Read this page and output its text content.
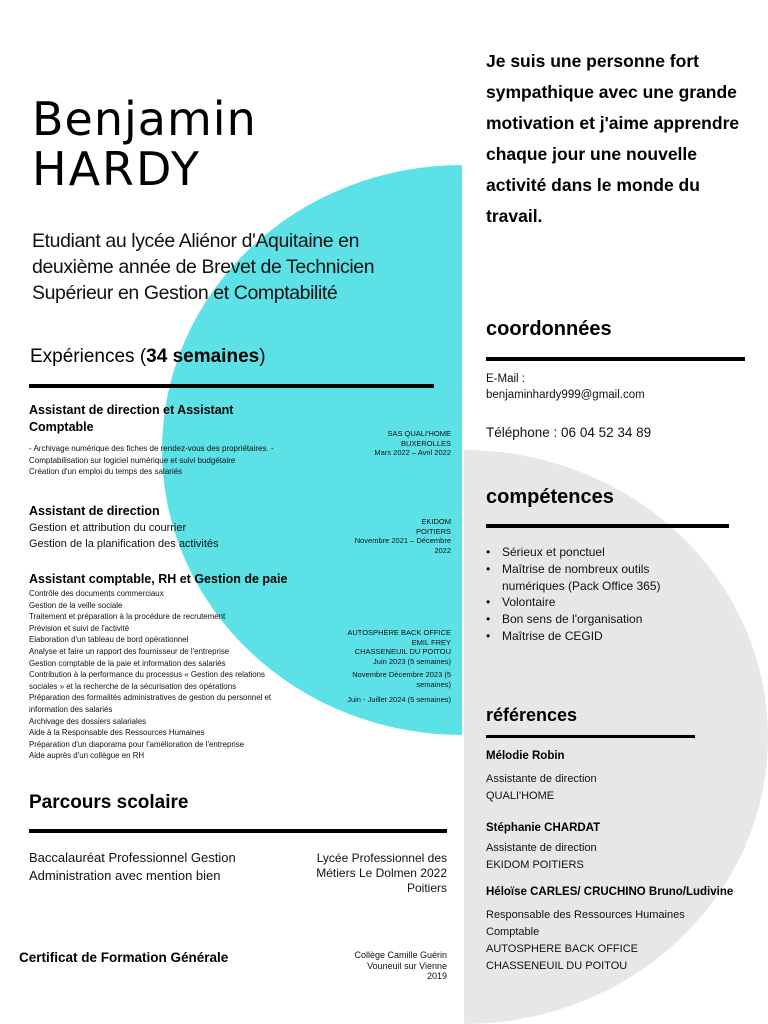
Benjamin
HARDY
Etudiant au lycée Aliénor d'Aquitaine en deuxième année de Brevet de Technicien Supérieur en Gestion et Comptabilité
Je suis une personne fort sympathique avec une grande motivation et j'aime apprendre chaque jour une nouvelle activité dans le monde du travail.
Expériences (34 semaines)
Assistant de direction et Assistant Comptable
- Archivage numérique des fiches de rendez-vous des propriétaires. -
Comptabilisation sur logiciel numérique et suivi budgétaire
Création d'un emploi du temps des salariés
SAS QUALI'HOME
BUXEROLLES
Mars 2022 – Avril 2022
Assistant de direction
Gestion et attribution du courrier
Gestion de la planification des activités
EKIDOM
POITIERS
Novembre 2021 – Décembre
2022
Assistant comptable, RH et Gestion de paie
Contrôle des documents commerciaux
Gestion de la veille sociale
Traitement et préparation à la procédure de recrutement
Prévision et suivi de l'activité
Elaboration d'un tableau de bord opérationnel
Analyse et faire un rapport des fournisseur de l'entreprise
Gestion comptable de la paie et information des salariés
Contribution à la performance du processus « Gestion des relations
sociales » et la recherche de la sécurisation des opérations
Préparation des formalités administratives de gestion du personnel et
information des salariés
Archivage des dossiers salariales
Aide à la Responsable des Ressources Humaines
Préparation d'un diaporama pour l'amélioration de l'entreprise
Aide auprès d'un collègue en RH
AUTOSPHERE BACK OFFICE
EMIL FREY
CHASSENEUIL DU POITOU
Juin 2023 (5 semaines)
Novembre Décembre 2023 (5
semaines)
Juin - Juillet 2024 (5 semaines)
Parcours scolaire
Baccalauréat Professionnel Gestion
Administration avec mention bien
Lycée Professionnel des
Métiers Le Dolmen 2022
Poitiers
Certificat de Formation Générale	Collège Camille Guérin
Vouneuil sur Vienne
2019
coordonnées
E-Mail :
benjaminhardy999@gmail.com
Téléphone : 06 04 52 34 89
compétences
• Sérieux et ponctuel
• Maîtrise de nombreux outils numériques (Pack Office 365)
• Volontaire
• Bon sens de l'organisation
• Maîtrise de CEGID
références
Mélodie Robin
Assistante de direction
QUALI'HOME
Stéphanie CHARDAT
Assistante de direction
EKIDOM POITIERS
Héloïse CARLES/ CRUCHINO Bruno/Ludivine
Responsable des Ressources Humaines
Comptable
AUTOSPHERE BACK OFFICE
CHASSENEUIL DU POITOU
